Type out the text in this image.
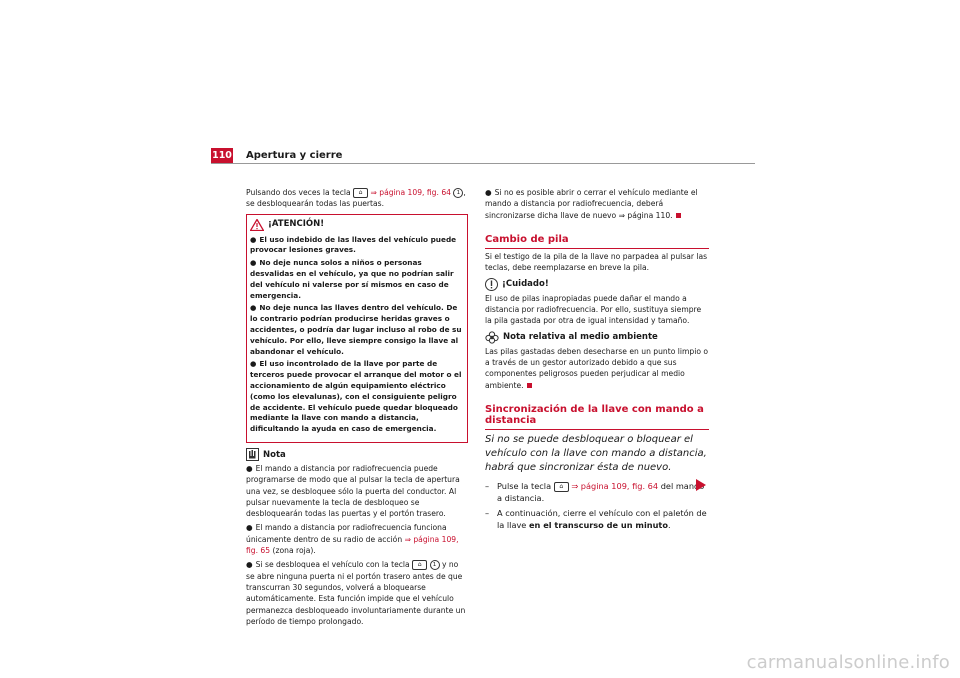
110 Apertura y cierre

Pulsando dos veces la tecla ⌂ ⇒ página 109, fig. 64 1 , se desbloquearán todas las puertas.

¡ATENCIÓN!

● El uso indebido de las llaves del vehículo puede provocar lesiones graves.

● No deje nunca solos a niños o personas desvalidas en el vehículo, ya que no podrían salir del vehículo ni valerse por sí mismos en caso de emergencia.

● No deje nunca las llaves dentro del vehículo. De lo contrario podrían producirse heridas graves o accidentes, o podría dar lugar incluso al robo de su vehículo. Por ello, lleve siempre consigo la llave al abandonar el vehículo.

● El uso incontrolado de la llave por parte de terceros puede provocar el arranque del motor o el accionamiento de algún equipamiento eléctrico (como los elevalunas), con el consiguiente peligro de accidente. El vehículo puede quedar bloqueado mediante la llave con mando a distancia, dificultando la ayuda en caso de emergencia.

Nota

● El mando a distancia por radiofrecuencia puede programarse de modo que al pulsar la tecla de apertura una vez, se desbloquee sólo la puerta del conductor. Al pulsar nuevamente la tecla de desbloqueo se desbloquearán todas las puertas y el portón trasero.

● El mando a distancia por radiofrecuencia funciona únicamente dentro de su radio de acción ⇒ página 109, fig. 65 (zona roja).

● Si se desbloquea el vehículo con la tecla ⌂ 1 y no se abre ninguna puerta ni el portón trasero antes de que transcurran 30 segundos, volverá a bloquearse automáticamente. Esta función impide que el vehículo permanezca desbloqueado involuntariamente durante un período de tiempo prolongado.

● Si no es posible abrir o cerrar el vehículo mediante el mando a distancia por radiofrecuencia, deberá sincronizarse dicha llave de nuevo ⇒ página 110.

Cambio de pila

Si el testigo de la pila de la llave no parpadea al pulsar las teclas, debe reemplazarse en breve la pila.

¡Cuidado!

El uso de pilas inapropiadas puede dañar el mando a distancia por radiofrecuencia. Por ello, sustituya siempre la pila gastada por otra de igual intensidad y tamaño.

Nota relativa al medio ambiente

Las pilas gastadas deben desecharse en un punto limpio o a través de un gestor autorizado debido a que sus componentes peligrosos pueden perjudicar al medio ambiente.

Sincronización de la llave con mando a distancia
Si no se puede desbloquear o bloquear el vehículo con la llave con mando a distancia, habrá que sincronizar ésta de nuevo.
– Pulse la tecla ⌂ ⇒ página 109, fig. 64 del mando a distancia.
– A continuación, cierre el vehículo con el paletón de la llave en el transcurso de un minuto.
carmanualsonline.info
